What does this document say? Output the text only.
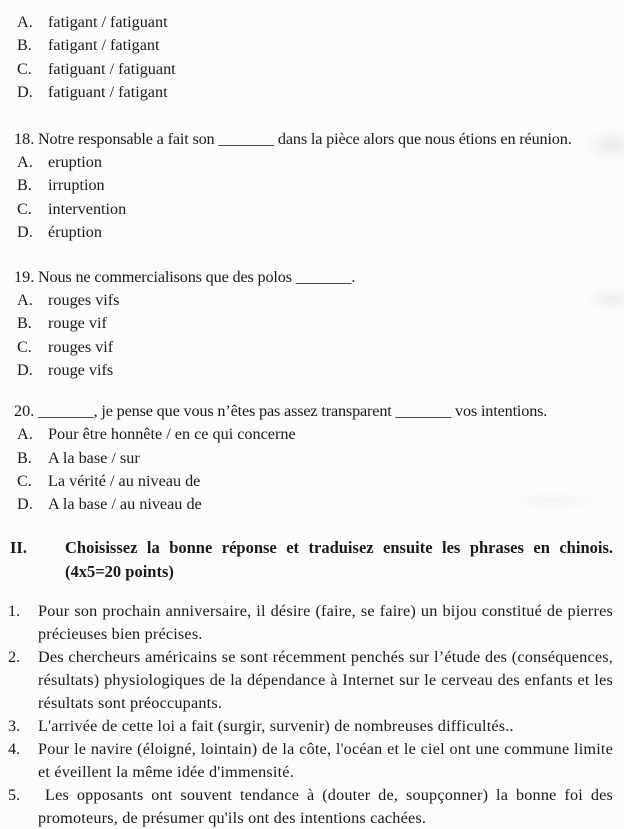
A. fatigant / fatiguant
B. fatigant / fatigant
C. fatiguant / fatiguant
D. fatiguant / fatigant
18. Notre responsable a fait son _______ dans la pièce alors que nous étions en réunion.
A. eruption
B. irruption
C. intervention
D. éruption
19. Nous ne commercialisons que des polos _______.
A. rouges vifs
B. rouge vif
C. rouges vif
D. rouge vifs
20. _______, je pense que vous n’êtes pas assez transparent _______ vos intentions.
A. Pour être honnête / en ce qui concerne
B. A la base / sur
C. La vérité / au niveau de
D. A la base / au niveau de
II.	Choisissez la bonne réponse et traduisez ensuite les phrases en chinois.
(4x5=20 points)
1.	Pour son prochain anniversaire, il désire (faire, se faire) un bijou constitué de pierres précieuses bien précises.

2.	Des chercheurs américains se sont récemment penchés sur l’étude des (conséquences, résultats) physiologiques de la dépendance à Internet sur le cerveau des enfants et les résultats sont préoccupants.

3.	L'arrivée de cette loi a fait (surgir, survenir) de nombreuses difficultés..

4.	Pour le navire (éloigné, lointain) de la côte, l'océan et le ciel ont une commune limite et éveillent la même idée d'immensité.

5.	Les opposants ont souvent tendance à (douter de, soupçonner) la bonne foi des promoteurs, de présumer qu'ils ont des intentions cachées.
